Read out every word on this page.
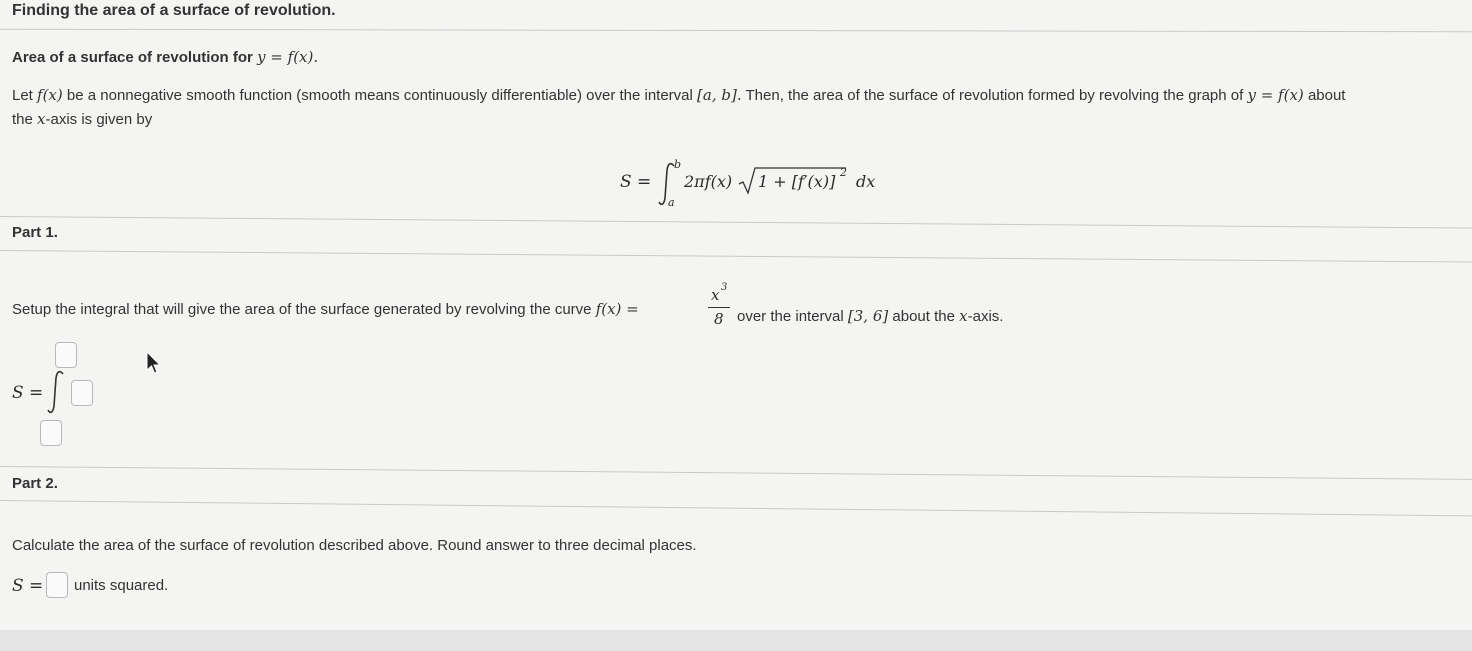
Finding the area of a surface of revolution.
Area of a surface of revolution for y = f(x).
Let f(x) be a nonnegative smooth function (smooth means continuously differentiable) over the interval [a, b]. Then, the area of the surface of revolution formed by revolving the graph of y = f(x) about
the x-axis is given by
S =
b
a
2πf(x) 1 + [f′(x)] 2 dx
Part 1.
Setup the integral that will give the area of the surface generated by revolving the curve f(x) =
x 3
8 over the interval [3, 6] about the x-axis.
S =
Part 2.
Calculate the area of the surface of revolution described above. Round answer to three decimal places.
S = units squared.
